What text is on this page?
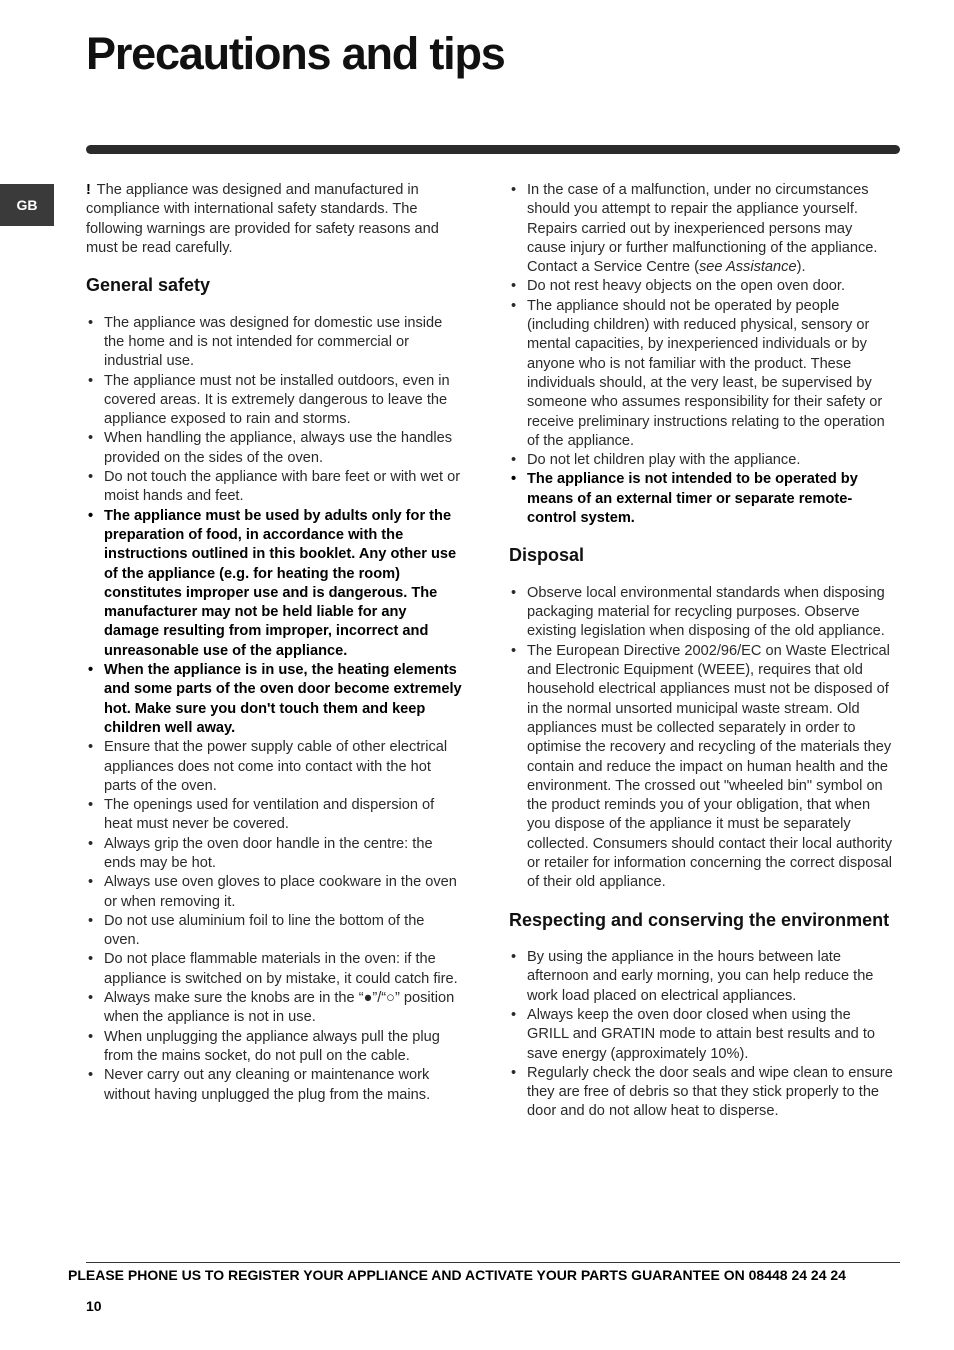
Precautions and tips
GB

! The appliance was designed and manufactured in compliance with international safety standards. The following warnings are provided for safety reasons and must be read carefully.

General safety
• The appliance was designed for domestic use inside the home and is not intended for commercial or industrial use.
• The appliance must not be installed outdoors, even in covered areas. It is extremely dangerous to leave the appliance exposed to rain and storms.
• When handling the appliance, always use the handles provided on the sides of the oven.
• Do not touch the appliance with bare feet or with wet or moist hands and feet.
• The appliance must be used by adults only for the preparation of food, in accordance with the instructions outlined in this booklet. Any other use of the appliance (e.g. for heating the room) constitutes improper use and is dangerous. The manufacturer may not be held liable for any damage resulting from improper, incorrect and unreasonable use of the appliance.
• When the appliance is in use, the heating elements and some parts of the oven door become extremely hot. Make sure you don't touch them and keep children well away.
• Ensure that the power supply cable of other electrical appliances does not come into contact with the hot parts of the oven.
• The openings used for ventilation and dispersion of heat must never be covered.
• Always grip the oven door handle in the centre: the ends may be hot.
• Always use oven gloves to place cookware in the oven or when removing it.
• Do not use aluminium foil to line the bottom of the oven.
• Do not place flammable materials in the oven: if the appliance is switched on by mistake, it could catch fire.
• Always make sure the knobs are in the “●”/“○” position when the appliance is not in use.
• When unplugging the appliance always pull the plug from the mains socket, do not pull on the cable.
• Never carry out any cleaning or maintenance work without having unplugged the plug from the mains.
• In the case of a malfunction, under no circumstances should you attempt to repair the appliance yourself. Repairs carried out by inexperienced persons may cause injury or further malfunctioning of the appliance. Contact a Service Centre (see Assistance).
• Do not rest heavy objects on the open oven door.
• The appliance should not be operated by people (including children) with reduced physical, sensory or mental capacities, by inexperienced individuals or by anyone who is not familiar with the product. These individuals should, at the very least, be supervised by someone who assumes responsibility for their safety or receive preliminary instructions relating to the operation of the appliance.
• Do not let children play with the appliance.
• The appliance is not intended to be operated by means of an external timer or separate remote-control system.
Disposal
• Observe local environmental standards when disposing packaging material for recycling purposes. Observe existing legislation when disposing of the old appliance.
• The European Directive 2002/96/EC on Waste Electrical and Electronic Equipment (WEEE), requires that old household electrical appliances must not be disposed of in the normal unsorted municipal waste stream. Old appliances must be collected separately in order to optimise the recovery and recycling of the materials they contain and reduce the impact on human health and the environment. The crossed out "wheeled bin" symbol on the product reminds you of your obligation, that when you dispose of the appliance it must be separately collected. Consumers should contact their local authority or retailer for information concerning the correct disposal of their old appliance.
Respecting and conserving the environment
• By using the appliance in the hours between late afternoon and early morning, you can help reduce the work load placed on electrical appliances.
• Always keep the oven door closed when using the GRILL and GRATIN mode to attain best results and to save energy (approximately 10%).
• Regularly check the door seals and wipe clean to ensure they are free of debris so that they stick properly to the door and do not allow heat to disperse.
PLEASE PHONE US TO REGISTER YOUR APPLIANCE AND ACTIVATE YOUR PARTS GUARANTEE ON 08448 24 24 24
10
